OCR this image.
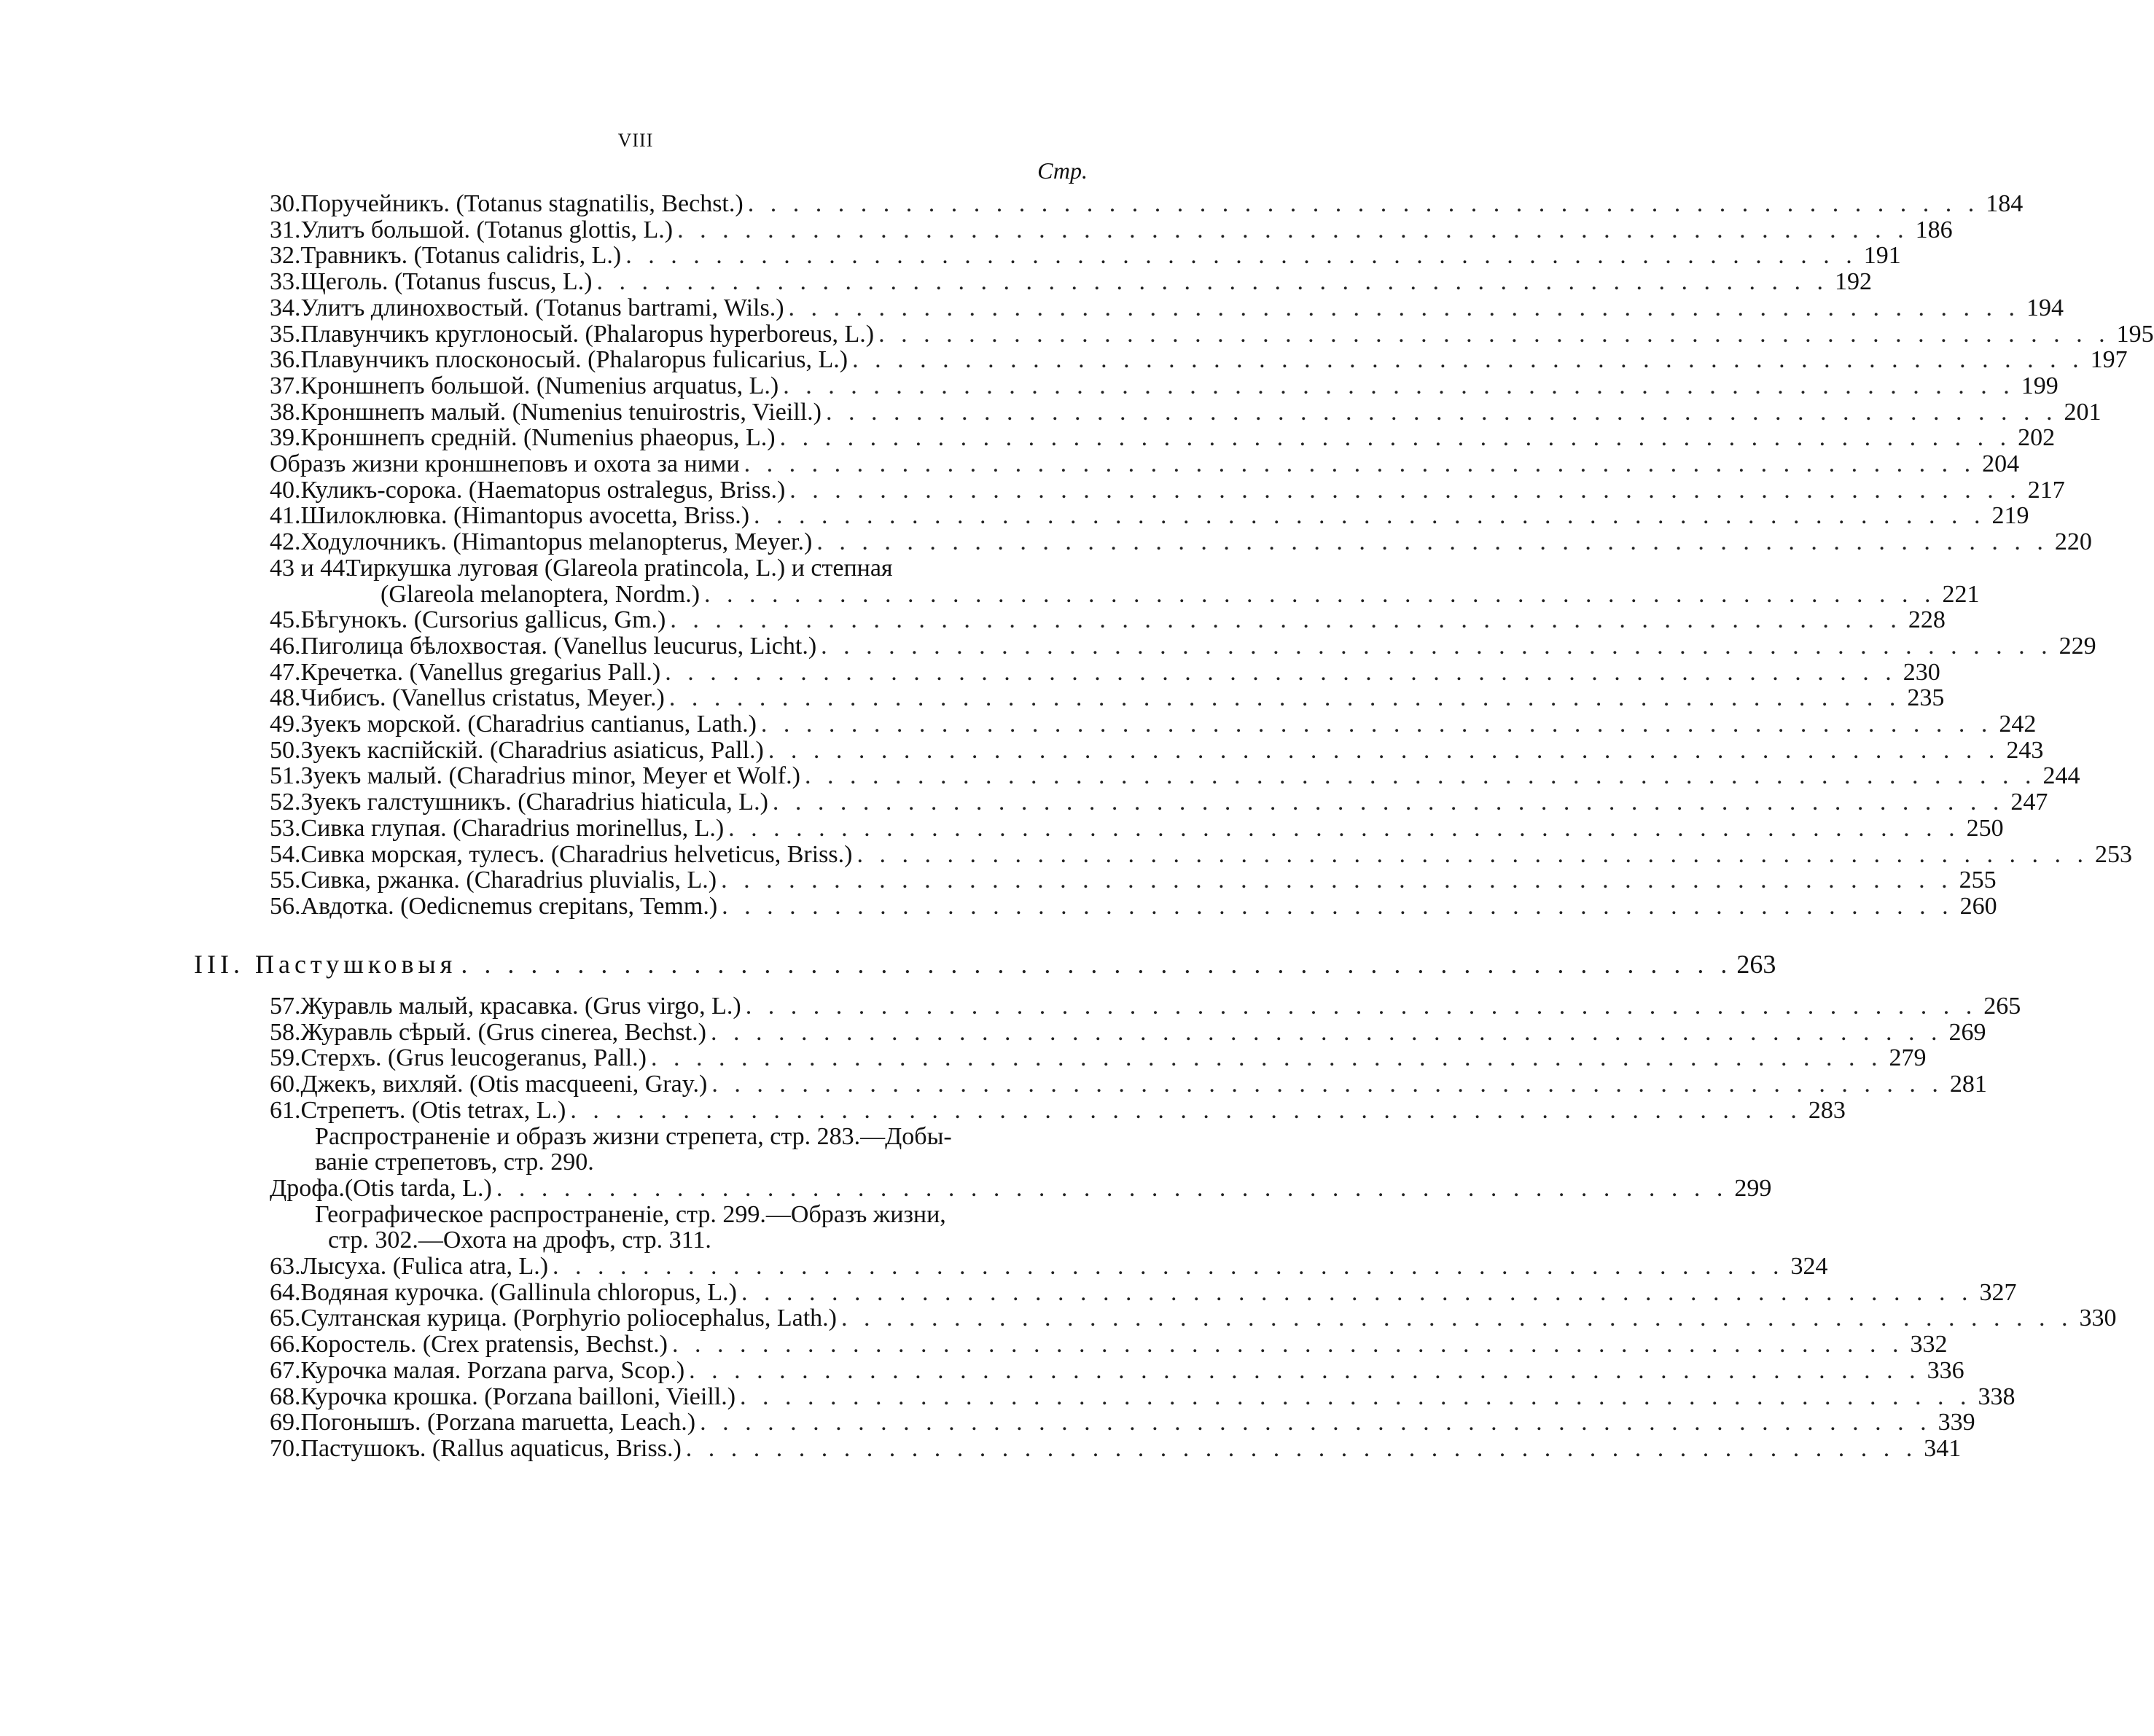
VIII
Стр.
30. Поручейникъ. (Totanus stagnatilis, Bechst.) . . . . . . . . . . . . . . . . . . . . . . . . . . . . . . . . . . . . . . . . . . . . . . . . . . . . . . . 184
31. Улитъ большой. (Totanus glottis, L.) . . . . . . . . . . . . . . . . . . . . . . . . . . . . . . . . . . . . . . . . . . . . . . . . . . . . . . . 186
32. Травникъ. (Totanus calidris, L.) . . . . . . . . . . . . . . . . . . . . . . . . . . . . . . . . . . . . . . . . . . . . . . . . . . . . . . . 191
33. Щеголь. (Totanus fuscus, L.) . . . . . . . . . . . . . . . . . . . . . . . . . . . . . . . . . . . . . . . . . . . . . . . . . . . . . . . 192
34. Улитъ длинохвостый. (Totanus bartrami, Wils.) . . . . . . . . . . . . . . . . . . . . . . . . . . . . . . . . . . . . . . . . . . . . . . . . . . . . . . . 194
35. Плавунчикъ круглоносый. (Phalaropus hyperboreus, L.) . . . . . . . . . . . . . . . . . . . . . . . . . . . . . . . . . . . . . . . . . . . . . . . . . . . . . . . 195
36. Плавунчикъ плосконосый. (Phalaropus fulicarius, L.) . . . . . . . . . . . . . . . . . . . . . . . . . . . . . . . . . . . . . . . . . . . . . . . . . . . . . . . 197
37. Кроншнепъ большой. (Numenius arquatus, L.) . . . . . . . . . . . . . . . . . . . . . . . . . . . . . . . . . . . . . . . . . . . . . . . . . . . . . . . 199
38. Кроншнепъ малый. (Numenius tenuirostris, Vieill.) . . . . . . . . . . . . . . . . . . . . . . . . . . . . . . . . . . . . . . . . . . . . . . . . . . . . . . . 201
39. Кроншнепъ средній. (Numenius phaeopus, L.) . . . . . . . . . . . . . . . . . . . . . . . . . . . . . . . . . . . . . . . . . . . . . . . . . . . . . . . 202
Образъ жизни кроншнеповъ и охота за ними . . . . . . . . . . . . . . . . . . . . . . . . . . . . . . . . . . . . . . . . . . . . . . . . . . . . . . . 204
40. Куликъ-сорока. (Haematopus ostralegus, Briss.) . . . . . . . . . . . . . . . . . . . . . . . . . . . . . . . . . . . . . . . . . . . . . . . . . . . . . . . 217
41. Шилоклювка. (Himantopus avocetta, Briss.) . . . . . . . . . . . . . . . . . . . . . . . . . . . . . . . . . . . . . . . . . . . . . . . . . . . . . . . 219
42. Ходулочникъ. (Himantopus melanopterus, Meyer.) . . . . . . . . . . . . . . . . . . . . . . . . . . . . . . . . . . . . . . . . . . . . . . . . . . . . . . . 220
43 и 44.
Тиркушка луговая (Glareola pratincola, L.) и степная
(Glareola melanoptera, Nordm.) . . . . . . . . . . . . . . . . . . . . . . . . . . . . . . . . . . . . . . . . . . . . . . . . . . . . . . . 221
45. Бѣгунокъ. (Cursorius gallicus, Gm.) . . . . . . . . . . . . . . . . . . . . . . . . . . . . . . . . . . . . . . . . . . . . . . . . . . . . . . . 228
46. Пиголица бѣлохвостая. (Vanellus leucurus, Licht.) . . . . . . . . . . . . . . . . . . . . . . . . . . . . . . . . . . . . . . . . . . . . . . . . . . . . . . . 229
47. Кречетка. (Vanellus gregarius Pall.) . . . . . . . . . . . . . . . . . . . . . . . . . . . . . . . . . . . . . . . . . . . . . . . . . . . . . . . 230
48. Чибисъ. (Vanellus cristatus, Meyer.) . . . . . . . . . . . . . . . . . . . . . . . . . . . . . . . . . . . . . . . . . . . . . . . . . . . . . . . 235
49. Зуекъ морской. (Charadrius cantianus, Lath.) . . . . . . . . . . . . . . . . . . . . . . . . . . . . . . . . . . . . . . . . . . . . . . . . . . . . . . . 242
50. Зуекъ каспійскій. (Charadrius asiaticus, Pall.) . . . . . . . . . . . . . . . . . . . . . . . . . . . . . . . . . . . . . . . . . . . . . . . . . . . . . . . 243
51. Зуекъ малый. (Charadrius minor, Meyer et Wolf.) . . . . . . . . . . . . . . . . . . . . . . . . . . . . . . . . . . . . . . . . . . . . . . . . . . . . . . . 244
52. Зуекъ галстушникъ. (Charadrius hiaticula, L.) . . . . . . . . . . . . . . . . . . . . . . . . . . . . . . . . . . . . . . . . . . . . . . . . . . . . . . . 247
53. Сивка глупая. (Charadrius morinellus, L.) . . . . . . . . . . . . . . . . . . . . . . . . . . . . . . . . . . . . . . . . . . . . . . . . . . . . . . . 250
54. Сивка морская, тулесъ. (Charadrius helveticus, Briss.) . . . . . . . . . . . . . . . . . . . . . . . . . . . . . . . . . . . . . . . . . . . . . . . . . . . . . . . 253
55. Сивка, ржанка. (Charadrius pluvialis, L.) . . . . . . . . . . . . . . . . . . . . . . . . . . . . . . . . . . . . . . . . . . . . . . . . . . . . . . . 255
56. Авдотка. (Oedicnemus crepitans, Temm.) . . . . . . . . . . . . . . . . . . . . . . . . . . . . . . . . . . . . . . . . . . . . . . . . . . . . . . . 260
III. Пастушковыя . . . . . . . . . . . . . . . . . . . . . . . . . . . . . . . . . . . . . . . . . . . . . . . . . . . . . . . 263
57. Журавль малый, красавка. (Grus virgo, L.) . . . . . . . . . . . . . . . . . . . . . . . . . . . . . . . . . . . . . . . . . . . . . . . . . . . . . . . 265
58. Журавль сѣрый. (Grus cinerea, Bechst.) . . . . . . . . . . . . . . . . . . . . . . . . . . . . . . . . . . . . . . . . . . . . . . . . . . . . . . . 269
59. Стерхъ. (Grus leucogeranus, Pall.) . . . . . . . . . . . . . . . . . . . . . . . . . . . . . . . . . . . . . . . . . . . . . . . . . . . . . . . 279
60. Джекъ, вихляй. (Otis macqueeni, Gray.) . . . . . . . . . . . . . . . . . . . . . . . . . . . . . . . . . . . . . . . . . . . . . . . . . . . . . . . 281
61. Стрепетъ. (Otis tetrax, L.) . . . . . . . . . . . . . . . . . . . . . . . . . . . . . . . . . . . . . . . . . . . . . . . . . . . . . . . 283
Распространеніе и образъ жизни стрепета, стр. 283.—Добы-
ваніе стрепетовъ, стр. 290.
Дрофа.(Otis tarda, L.) . . . . . . . . . . . . . . . . . . . . . . . . . . . . . . . . . . . . . . . . . . . . . . . . . . . . . . . 299
Географическое распространеніе, стр. 299.—Образъ жизни,
стр. 302.—Охота на дрофъ, стр. 311.
63. Лысуха. (Fulica atra, L.) . . . . . . . . . . . . . . . . . . . . . . . . . . . . . . . . . . . . . . . . . . . . . . . . . . . . . . . 324
64. Водяная курочка. (Gallinula chloropus, L.) . . . . . . . . . . . . . . . . . . . . . . . . . . . . . . . . . . . . . . . . . . . . . . . . . . . . . . . 327
65. Султанская курица. (Porphyrio poliocephalus, Lath.) . . . . . . . . . . . . . . . . . . . . . . . . . . . . . . . . . . . . . . . . . . . . . . . . . . . . . . . 330
66. Коростель. (Crex pratensis, Bechst.) . . . . . . . . . . . . . . . . . . . . . . . . . . . . . . . . . . . . . . . . . . . . . . . . . . . . . . . 332
67. Курочка малая. Porzana parva, Scop.) . . . . . . . . . . . . . . . . . . . . . . . . . . . . . . . . . . . . . . . . . . . . . . . . . . . . . . . 336
68. Курочка крошка. (Porzana bailloni, Vieill.) . . . . . . . . . . . . . . . . . . . . . . . . . . . . . . . . . . . . . . . . . . . . . . . . . . . . . . . 338
69. Погонышъ. (Porzana maruetta, Leach.) . . . . . . . . . . . . . . . . . . . . . . . . . . . . . . . . . . . . . . . . . . . . . . . . . . . . . . . 339
70. Пастушокъ. (Rallus aquaticus, Briss.) . . . . . . . . . . . . . . . . . . . . . . . . . . . . . . . . . . . . . . . . . . . . . . . . . . . . . . . 341
